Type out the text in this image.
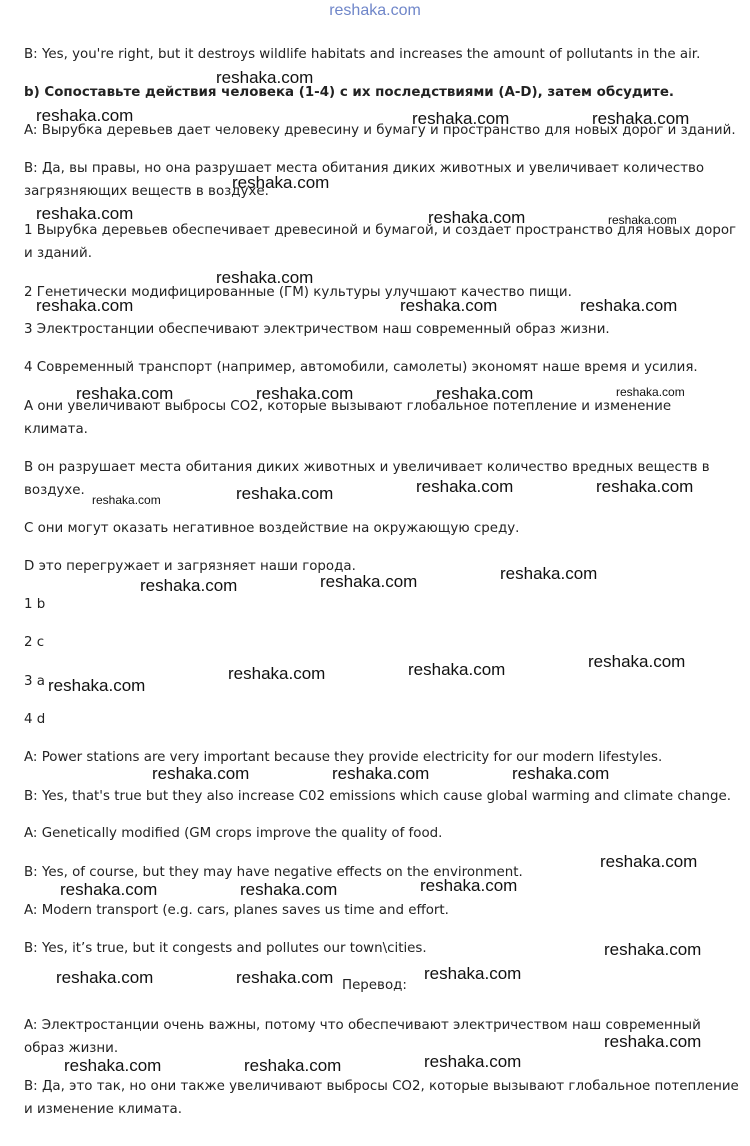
reshaka.com
B: Yes, you're right, but it destroys wildlife habitats and increases the amount of pollutants in the air.
b) Сопоставьте действия человека (1-4) с их последствиями (A-D), затем обсудите.
A: Вырубка деревьев дает человеку древесину и бумагу и пространство для новых дорог и зданий.
B: Да, вы правы, но она разрушает места обитания диких животных и увеличивает количество
загрязняющих веществ в воздухе.
1 Вырубка деревьев обеспечивает древесиной и бумагой, и создает пространство для новых дорог
и зданий.
2 Генетически модифицированные (ГМ) культуры улучшают качество пищи.
3 Электростанции обеспечивают электричеством наш современный образ жизни.
4 Современный транспорт (например, автомобили, самолеты) экономят наше время и усилия.
A они увеличивают выбросы CO2, которые вызывают глобальное потепление и изменение
климата.
B он разрушает места обитания диких животных и увеличивает количество вредных веществ в
воздухе.
C они могут оказать негативное воздействие на окружающую среду.
D это перегружает и загрязняет наши города.
1 b
2 c
3 a
4 d
A: Power stations are very important because they provide electricity for our modern lifestyles.
B: Yes, that's true but they also increase C02 emissions which cause global warming and climate change.
A: Genetically modified (GM crops improve the quality of food.
B: Yes, of course, but they may have negative effects on the environment.
A: Modern transport (e.g. cars, planes saves us time and effort.
B: Yes, it’s true, but it congests and pollutes our town\cities.
Перевод:
A: Электростанции очень важны, потому что обеспечивают электричеством наш современный
образ жизни.
B: Да, это так, но они также увеличивают выбросы CO2, которые вызывают глобальное потепление
и изменение климата.
reshaka.com
reshaka.com	reshaka.com	reshaka.com
reshaka.com
reshaka.com	reshaka.com	reshaka.com
reshaka.com
reshaka.com	reshaka.com	reshaka.com
reshaka.com	reshaka.com	reshaka.com	reshaka.com
reshaka.com	reshaka.com	reshaka.com	reshaka.com
reshaka.com	reshaka.com	reshaka.com
reshaka.com
reshaka.com	reshaka.com	reshaka.com
reshaka.com	reshaka.com	reshaka.com
reshaka.com
reshaka.com	reshaka.com	reshaka.com
reshaka.com
reshaka.com	reshaka.com	reshaka.com
reshaka.com
reshaka.com	reshaka.com	reshaka.com
